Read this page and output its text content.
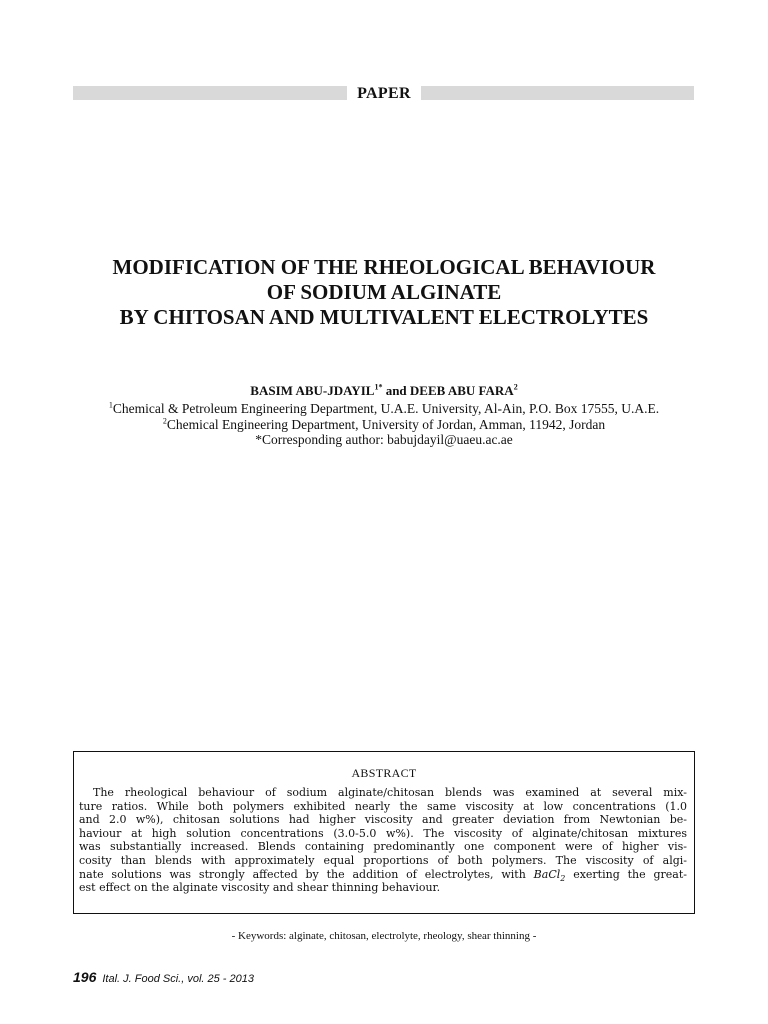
PAPER
MODIFICATION OF THE RHEOLOGICAL BEHAVIOUR
OF SODIUM ALGINATE
BY CHITOSAN AND MULTIVALENT ELECTROLYTES
BASIM ABU-$JDAYIL^{1*}$ and DEEB ABU FARA$^2$
$^1$Chemical & Petroleum Engineering Department, U.A.E. University, Al-Ain, P.O. Box 17555, U.A.E.
$^2$Chemical Engineering Department, University of Jordan, Amman, 11942, Jordan
*Corresponding author: babujdayil@uaeu.ac.ae
ABSTRACT
The rheological behaviour of sodium alginate/chitosan blends was examined at several mix-
ture ratios. While both polymers exhibited nearly the same viscosity at low concentrations (1.0
and 2.0 w%), chitosan solutions had higher viscosity and greater deviation from Newtonian be-
haviour at high solution concentrations (3.0-5.0 w%). The viscosity of alginate/chitosan mixtures
was substantially increased. Blends containing predominantly one component were of higher vis-
cosity than blends with approximately equal proportions of both polymers. The viscosity of algi-
nate solutions was strongly affected by the addition of electrolytes, with BaCl$_2$ exerting the great-
est effect on the alginate viscosity and shear thinning behaviour.
- Keywords: alginate, chitosan, electrolyte, rheology, shear thinning -
196 Ital. J. Food Sci., vol. 25 - 2013
